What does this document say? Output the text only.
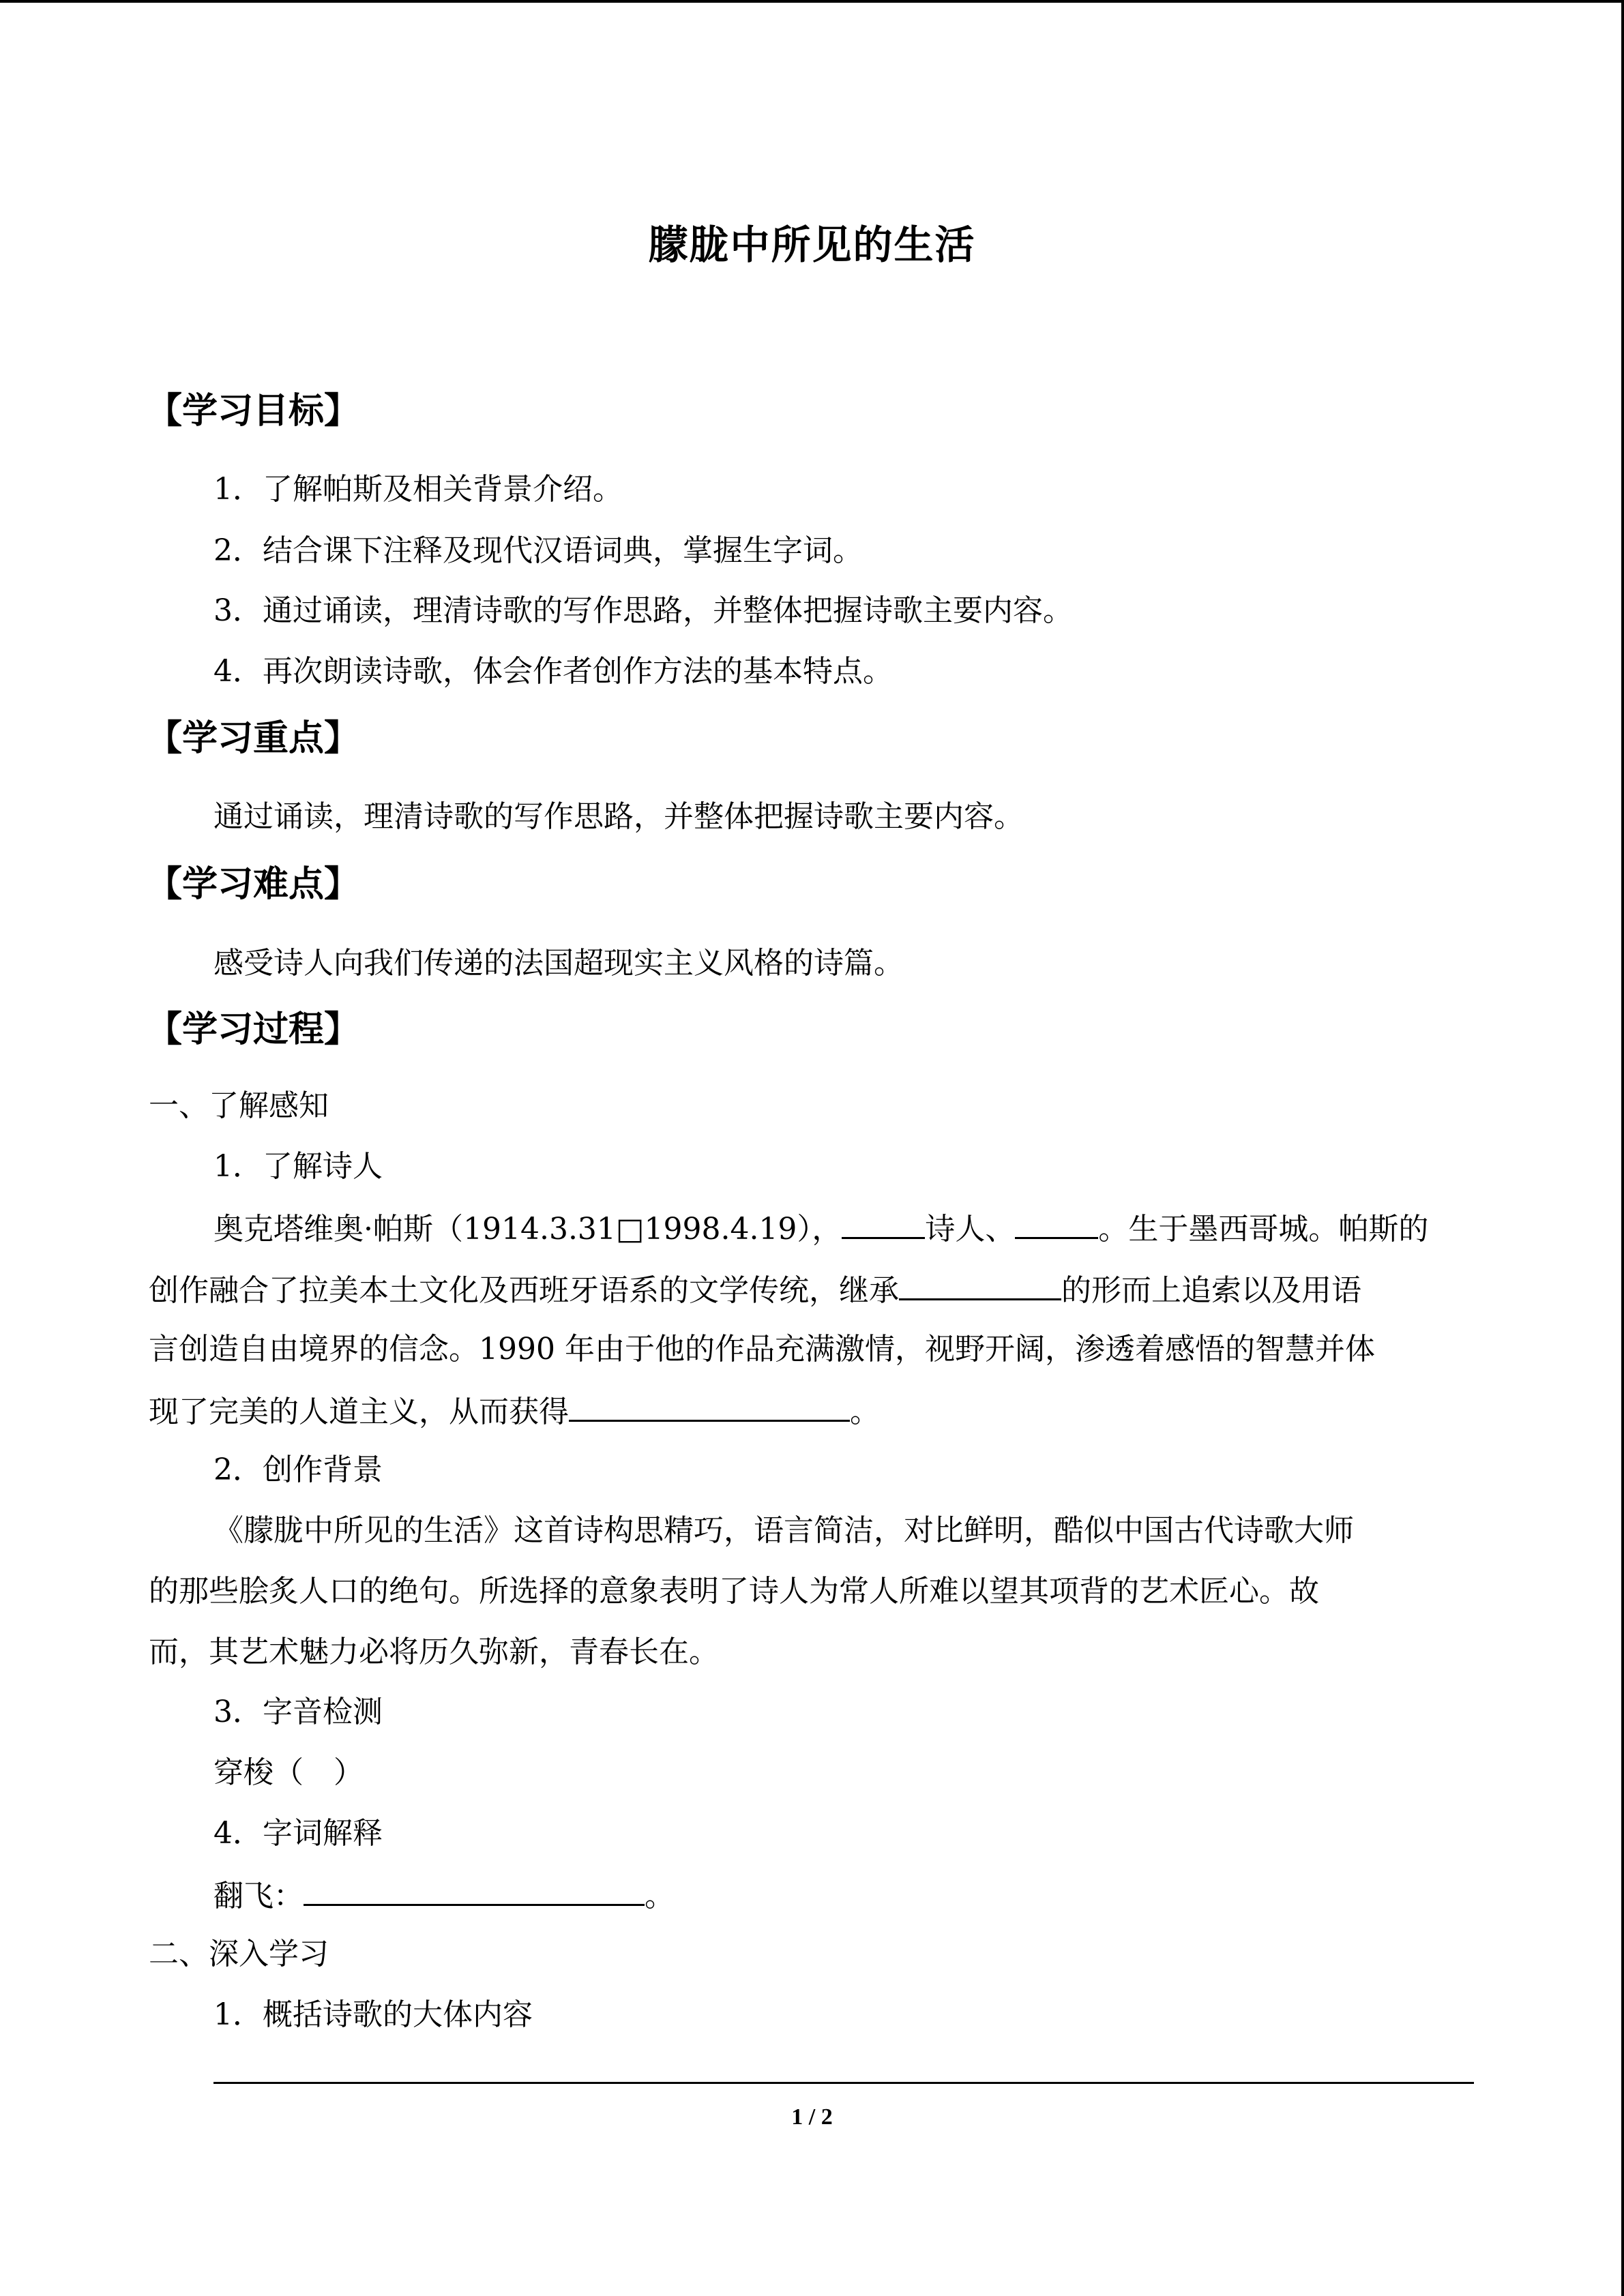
朦胧中所见的生活
【学习目标】
1．了解帕斯及相关背景介绍。
2．结合课下注释及现代汉语词典，掌握生字词。
3．通过诵读，理清诗歌的写作思路，并整体把握诗歌主要内容。
4．再次朗读诗歌，体会作者创作方法的基本特点。
【学习重点】
通过诵读，理清诗歌的写作思路，并整体把握诗歌主要内容。
【学习难点】
感受诗人向我们传递的法国超现实主义风格的诗篇。
【学习过程】
一、了解感知
1．了解诗人
奥克塔维奥·帕斯（1914.3.31□1998.4.19），	诗人、	。生于墨西哥城。帕斯的
创作融合了拉美本土文化及西班牙语系的文学传统，继承	的形而上追索以及用语
言创造自由境界的信念。1990 年由于他的作品充满激情，视野开阔，渗透着感悟的智慧并体
现了完美的人道主义，从而获得	。
2．创作背景
《朦胧中所见的生活》这首诗构思精巧，语言简洁，对比鲜明，酷似中国古代诗歌大师
的那些脍炙人口的绝句。所选择的意象表明了诗人为常人所难以望其项背的艺术匠心。故
而，其艺术魅力必将历久弥新，青春长在。
3．字音检测
穿梭（　）
4．字词解释
翻飞：	。
二、深入学习
1．概括诗歌的大体内容
1 / 2
